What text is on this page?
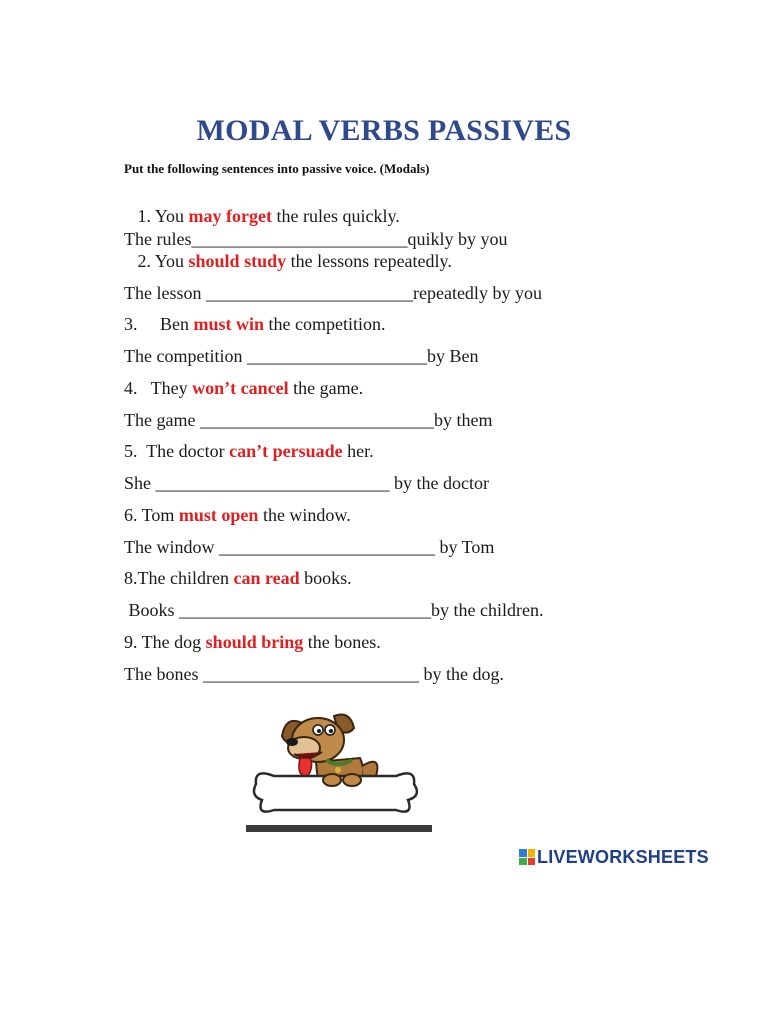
MODAL VERBS PASSIVES
Put the following sentences into passive voice. (Modals)
1. You may forget the rules quickly.
The rules________________________quikly by you
2. You should study the lessons repeatedly.
The lesson _______________________repeatedly by you
3.     Ben must win the competition.
The competition ____________________by Ben
4.   They won’t cancel the game.
The game __________________________by them
5.  The doctor can’t persuade her.
She __________________________ by the doctor
6. Tom must open the window.
The window ________________________ by Tom
8.The children can read books.
Books ____________________________by the children.
9. The dog should bring the bones.
The bones ________________________ by the dog.
LIVEWORKSHEETS
